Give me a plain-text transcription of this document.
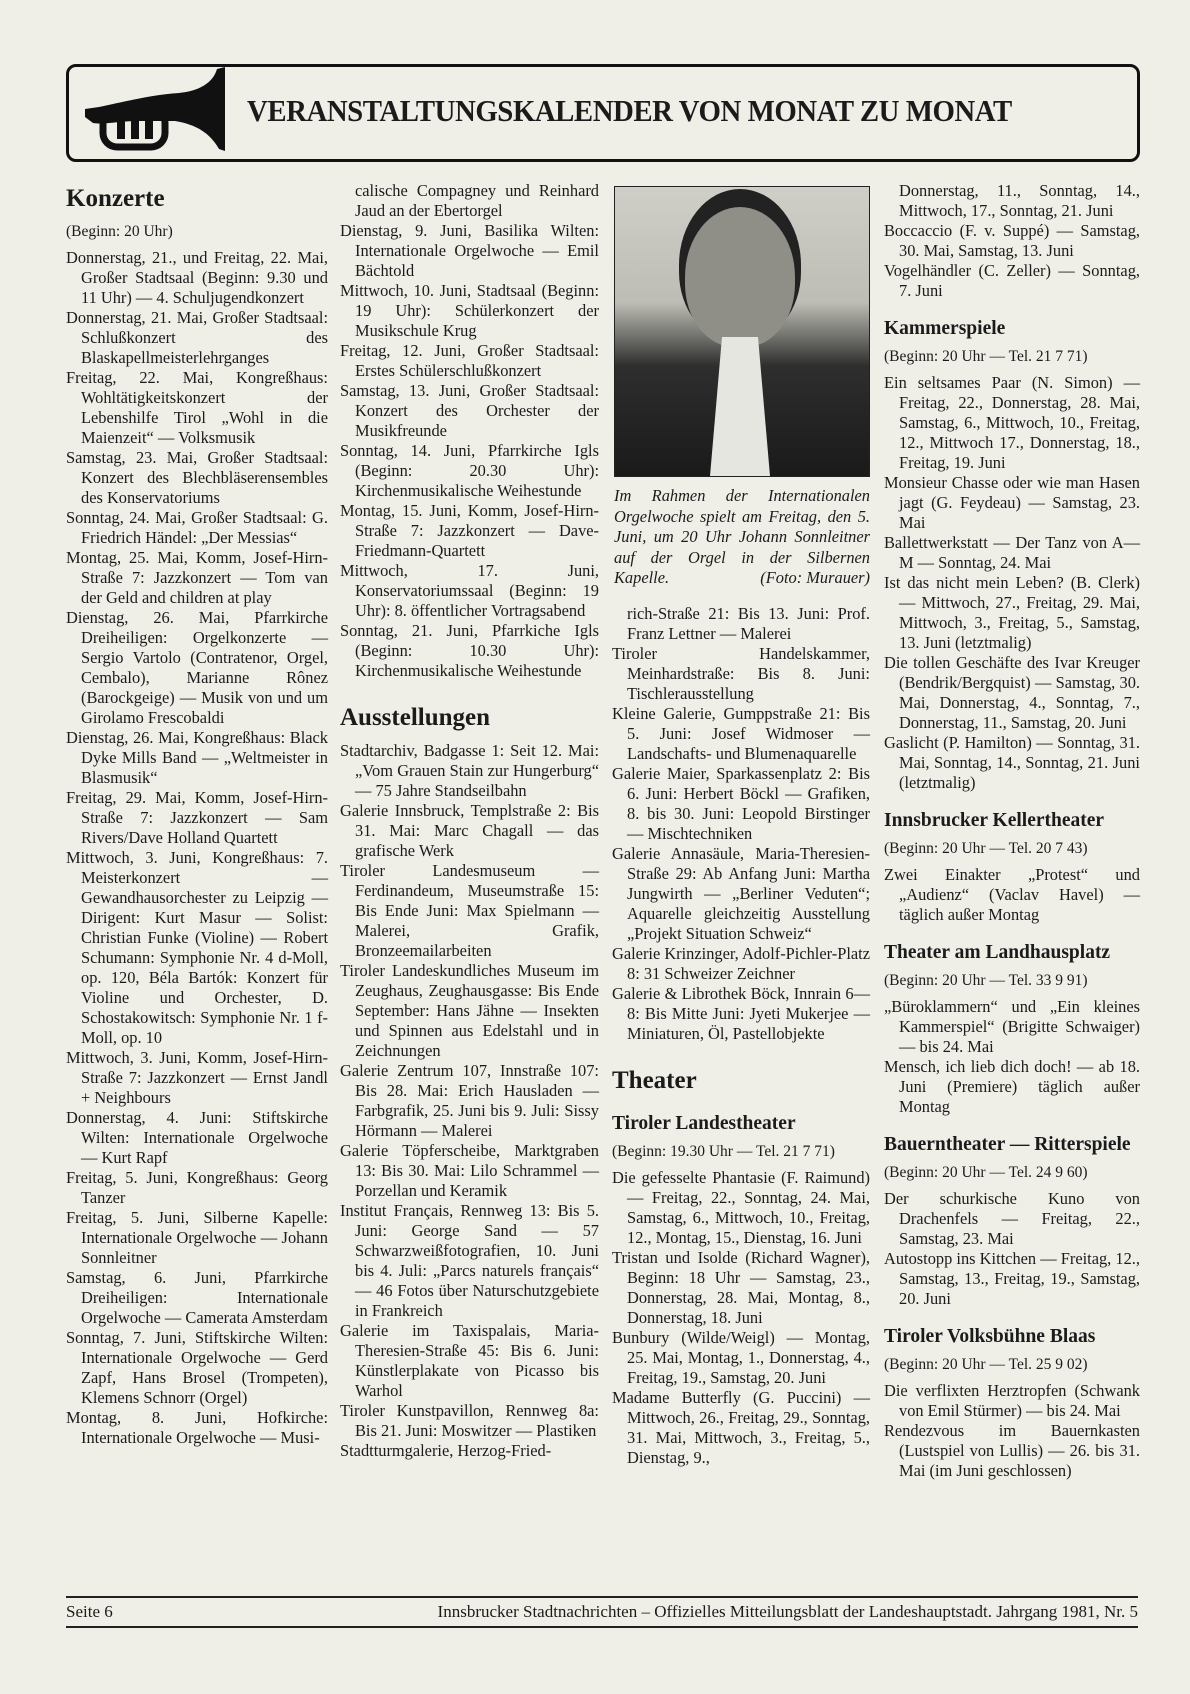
VERANSTALTUNGSKALENDER VON MONAT ZU MONAT

Konzerte

(Beginn: 20 Uhr)

Donnerstag, 21., und Freitag, 22. Mai, Großer Stadtsaal (Beginn: 9.30 und 11 Uhr) — 4. Schuljugendkonzert

Donnerstag, 21. Mai, Großer Stadtsaal: Schlußkonzert des Blaskapellmeisterlehrganges

Freitag, 22. Mai, Kongreßhaus: Wohltätigkeitskonzert der Lebenshilfe Tirol „Wohl in die Maienzeit“ — Volksmusik

Samstag, 23. Mai, Großer Stadtsaal: Konzert des Blechbläserensembles des Konservatoriums

Sonntag, 24. Mai, Großer Stadtsaal: G. Friedrich Händel: „Der Messias“

Montag, 25. Mai, Komm, Josef-Hirn-Straße 7: Jazzkonzert — Tom van der Geld and children at play

Dienstag, 26. Mai, Pfarrkirche Dreiheiligen: Orgelkonzerte — Sergio Vartolo (Contratenor, Orgel, Cembalo), Marianne Rônez (Barockgeige) — Musik von und um Girolamo Frescobaldi

Dienstag, 26. Mai, Kongreßhaus: Black Dyke Mills Band — „Weltmeister in Blasmusik“

Freitag, 29. Mai, Komm, Josef-Hirn-Straße 7: Jazzkonzert — Sam Rivers/Dave Holland Quartett

Mittwoch, 3. Juni, Kongreßhaus: 7. Meisterkonzert — Gewandhausorchester zu Leipzig — Dirigent: Kurt Masur — Solist: Christian Funke (Violine) — Robert Schumann: Symphonie Nr. 4 d-Moll, op. 120, Béla Bartók: Konzert für Violine und Orchester, D. Schostakowitsch: Symphonie Nr. 1 f-Moll, op. 10

Mittwoch, 3. Juni, Komm, Josef-Hirn-Straße 7: Jazzkonzert — Ernst Jandl + Neighbours

Donnerstag, 4. Juni: Stiftskirche Wilten: Internationale Orgelwoche — Kurt Rapf

Freitag, 5. Juni, Kongreßhaus: Georg Tanzer

Freitag, 5. Juni, Silberne Kapelle: Internationale Orgelwoche — Johann Sonnleitner

Samstag, 6. Juni, Pfarrkirche Dreiheiligen: Internationale Orgelwoche — Camerata Amsterdam

Sonntag, 7. Juni, Stiftskirche Wilten: Internationale Orgelwoche — Gerd Zapf, Hans Brosel (Trompeten), Klemens Schnorr (Orgel)

Montag, 8. Juni, Hofkirche: Internationale Orgelwoche — Musi-

calische Compagney und Reinhard Jaud an der Ebertorgel

Dienstag, 9. Juni, Basilika Wilten: Internationale Orgelwoche — Emil Bächtold

Mittwoch, 10. Juni, Stadtsaal (Beginn: 19 Uhr): Schülerkonzert der Musikschule Krug

Freitag, 12. Juni, Großer Stadtsaal: Erstes Schülerschlußkonzert

Samstag, 13. Juni, Großer Stadtsaal: Konzert des Orchester der Musikfreunde

Sonntag, 14. Juni, Pfarrkirche Igls (Beginn: 20.30 Uhr): Kirchenmusikalische Weihestunde

Montag, 15. Juni, Komm, Josef-Hirn-Straße 7: Jazzkonzert — Dave-Friedmann-Quartett

Mittwoch, 17. Juni, Konservatoriumssaal (Beginn: 19 Uhr): 8. öffentlicher Vortragsabend

Sonntag, 21. Juni, Pfarrkiche Igls (Beginn: 10.30 Uhr): Kirchenmusikalische Weihestunde

Ausstellungen

Stadtarchiv, Badgasse 1: Seit 12. Mai: „Vom Grauen Stain zur Hungerburg“ — 75 Jahre Standseilbahn

Galerie Innsbruck, Templstraße 2: Bis 31. Mai: Marc Chagall — das grafische Werk

Tiroler Landesmuseum — Ferdinandeum, Museumstraße 15: Bis Ende Juni: Max Spielmann — Malerei, Grafik, Bronzeemailarbeiten

Tiroler Landeskundliches Museum im Zeughaus, Zeughausgasse: Bis Ende September: Hans Jähne — Insekten und Spinnen aus Edelstahl und in Zeichnungen

Galerie Zentrum 107, Innstraße 107: Bis 28. Mai: Erich Hausladen — Farbgrafik, 25. Juni bis 9. Juli: Sissy Hörmann — Malerei

Galerie Töpferscheibe, Marktgraben 13: Bis 30. Mai: Lilo Schrammel — Porzellan und Keramik

Institut Français, Rennweg 13: Bis 5. Juni: George Sand — 57 Schwarzweißfotografien, 10. Juni bis 4. Juli: „Parcs naturels français“ — 46 Fotos über Naturschutzgebiete in Frankreich

Galerie im Taxispalais, Maria-Theresien-Straße 45: Bis 6. Juni: Künstlerplakate von Picasso bis Warhol

Tiroler Kunstpavillon, Rennweg 8a: Bis 21. Juni: Moswitzer — Plastiken

Stadtturmgalerie, Herzog-Fried-

Im Rahmen der Internationalen Orgelwoche spielt am Freitag, den 5. Juni, um 20 Uhr Johann Sonnleitner auf der Orgel in der Silbernen Kapelle.	(Foto: Murauer)

rich-Straße 21: Bis 13. Juni: Prof. Franz Lettner — Malerei

Tiroler Handelskammer, Meinhardstraße: Bis 8. Juni: Tischlerausstellung

Kleine Galerie, Gumppstraße 21: Bis 5. Juni: Josef Widmoser — Landschafts- und Blumenaquarelle

Galerie Maier, Sparkassenplatz 2: Bis 6. Juni: Herbert Böckl — Grafiken, 8. bis 30. Juni: Leopold Birstinger — Mischtechniken

Galerie Annasäule, Maria-Theresien-Straße 29: Ab Anfang Juni: Martha Jungwirth — „Berliner Veduten“; Aquarelle gleichzeitig Ausstellung „Projekt Situation Schweiz“

Galerie Krinzinger, Adolf-Pichler-Platz 8: 31 Schweizer Zeichner

Galerie & Librothek Böck, Innrain 6—8: Bis Mitte Juni: Jyeti Mukerjee — Miniaturen, Öl, Pastellobjekte

Theater

Tiroler Landestheater

(Beginn: 19.30 Uhr — Tel. 21 7 71)

Die gefesselte Phantasie (F. Raimund) — Freitag, 22., Sonntag, 24. Mai, Samstag, 6., Mittwoch, 10., Freitag, 12., Montag, 15., Dienstag, 16. Juni

Tristan und Isolde (Richard Wagner), Beginn: 18 Uhr — Samstag, 23., Donnerstag, 28. Mai, Montag, 8., Donnerstag, 18. Juni

Bunbury (Wilde/Weigl) — Montag, 25. Mai, Montag, 1., Donnerstag, 4., Freitag, 19., Samstag, 20. Juni

Madame Butterfly (G. Puccini) — Mittwoch, 26., Freitag, 29., Sonntag, 31. Mai, Mittwoch, 3., Freitag, 5., Dienstag, 9.,

Donnerstag, 11., Sonntag, 14., Mittwoch, 17., Sonntag, 21. Juni

Boccaccio (F. v. Suppé) — Samstag, 30. Mai, Samstag, 13. Juni

Vogelhändler (C. Zeller) — Sonntag, 7. Juni

Kammerspiele

(Beginn: 20 Uhr — Tel. 21 7 71)

Ein seltsames Paar (N. Simon) — Freitag, 22., Donnerstag, 28. Mai, Samstag, 6., Mittwoch, 10., Freitag, 12., Mittwoch 17., Donnerstag, 18., Freitag, 19. Juni

Monsieur Chasse oder wie man Hasen jagt (G. Feydeau) — Samstag, 23. Mai

Ballettwerkstatt — Der Tanz von A—M — Sonntag, 24. Mai

Ist das nicht mein Leben? (B. Clerk) — Mittwoch, 27., Freitag, 29. Mai, Mittwoch, 3., Freitag, 5., Samstag, 13. Juni (letztmalig)

Die tollen Geschäfte des Ivar Kreuger (Bendrik/Bergquist) — Samstag, 30. Mai, Donnerstag, 4., Sonntag, 7., Donnerstag, 11., Samstag, 20. Juni

Gaslicht (P. Hamilton) — Sonntag, 31. Mai, Sonntag, 14., Sonntag, 21. Juni (letztmalig)

Innsbrucker Kellertheater

(Beginn: 20 Uhr — Tel. 20 7 43)

Zwei Einakter „Protest“ und „Audienz“ (Vaclav Havel) — täglich außer Montag

Theater am Landhausplatz

(Beginn: 20 Uhr — Tel. 33 9 91)

„Büroklammern“ und „Ein kleines Kammerspiel“ (Brigitte Schwaiger) — bis 24. Mai

Mensch, ich lieb dich doch! — ab 18. Juni (Premiere) täglich außer Montag

Bauerntheater — Ritterspiele

(Beginn: 20 Uhr — Tel. 24 9 60)

Der schurkische Kuno von Drachenfels — Freitag, 22., Samstag, 23. Mai

Autostopp ins Kittchen — Freitag, 12., Samstag, 13., Freitag, 19., Samstag, 20. Juni

Tiroler Volksbühne Blaas

(Beginn: 20 Uhr — Tel. 25 9 02)

Die verflixten Herztropfen (Schwank von Emil Stürmer) — bis 24. Mai

Rendezvous im Bauernkasten (Lustspiel von Lullis) — 26. bis 31. Mai (im Juni geschlossen)

Seite 6	Innsbrucker Stadtnachrichten – Offizielles Mitteilungsblatt der Landeshauptstadt. Jahrgang 1981, Nr. 5
